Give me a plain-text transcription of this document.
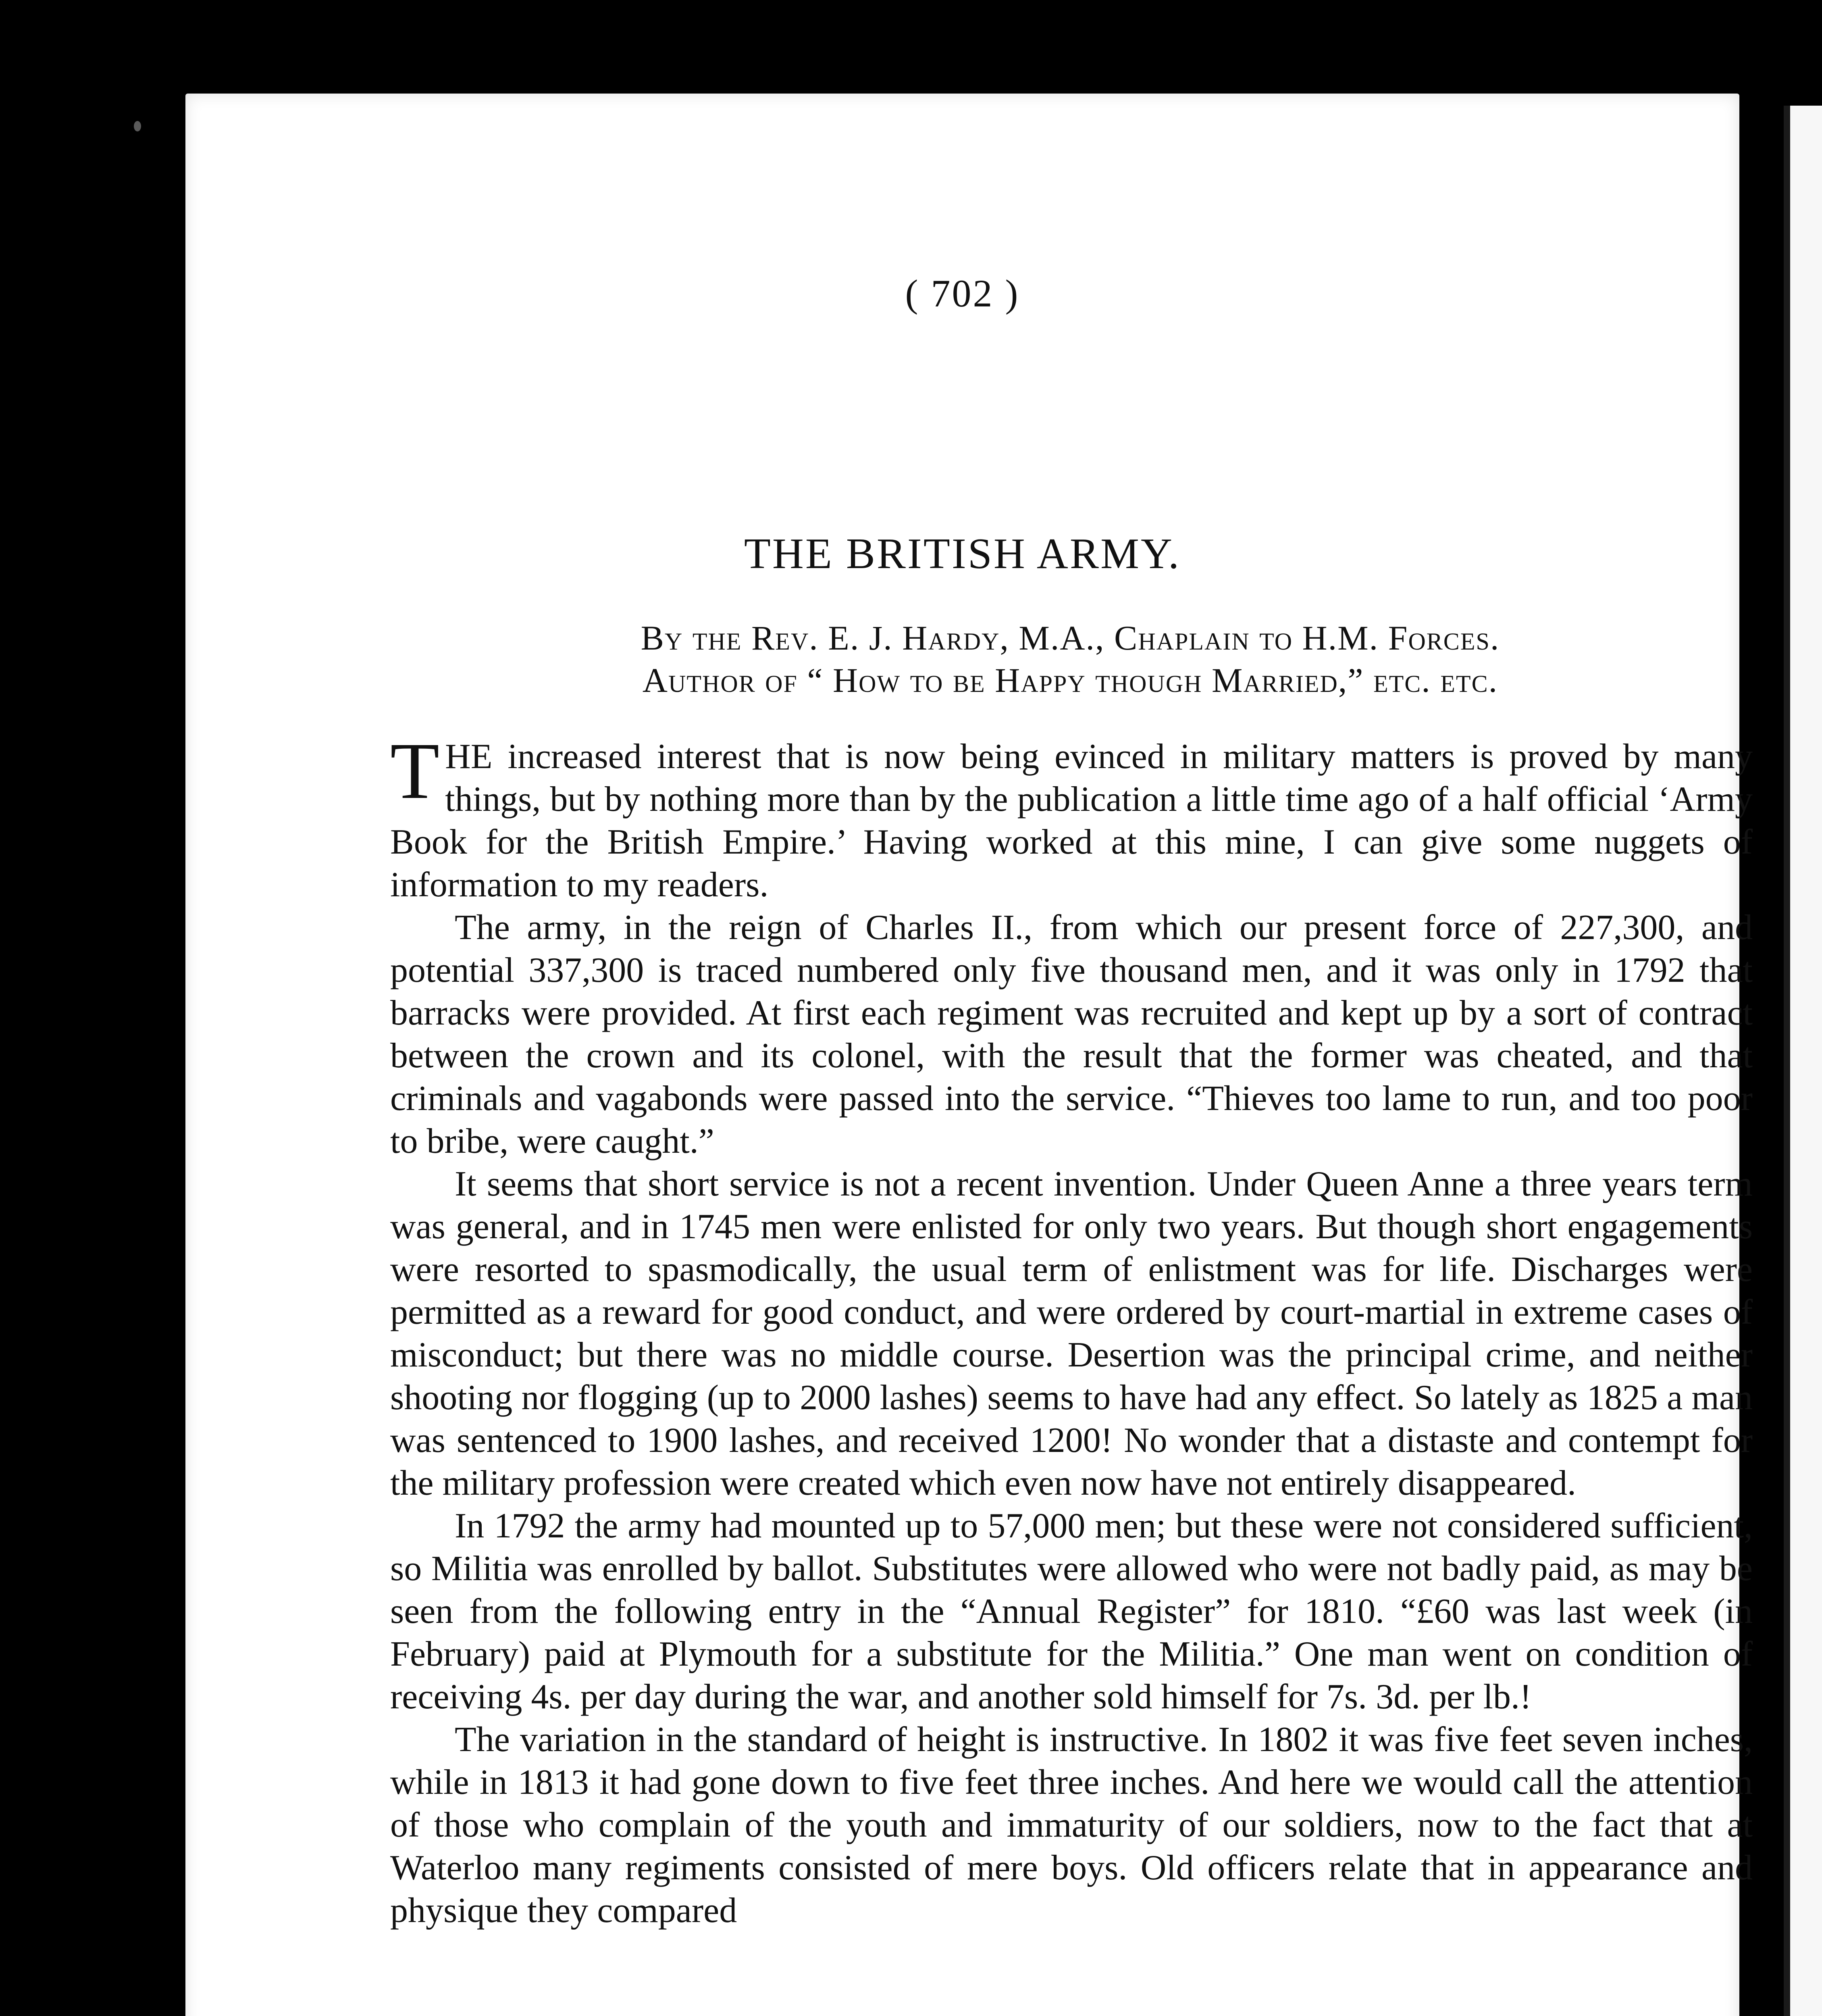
( 702 )
THE BRITISH ARMY.
By the Rev. E. J. Hardy, M.A., Chaplain to H.M. Forces.
Author of “ How to be Happy though Married,” etc. etc.

THE increased interest that is now being evinced in military matters is proved by many things, but by nothing more than by the publication a little time ago of a half official ‘Army Book for the British Empire.’ Having worked at this mine, I can give some nuggets of information to my readers.

The army, in the reign of Charles II., from which our present force of 227,300, and potential 337,300 is traced numbered only five thousand men, and it was only in 1792 that barracks were provided. At first each regiment was recruited and kept up by a sort of contract between the crown and its colonel, with the result that the former was cheated, and that criminals and vagabonds were passed into the service. “Thieves too lame to run, and too poor to bribe, were caught.”

It seems that short service is not a recent invention. Under Queen Anne a three years term was general, and in 1745 men were enlisted for only two years. But though short engagements were resorted to spasmodically, the usual term of enlistment was for life. Discharges were permitted as a reward for good conduct, and were ordered by court-martial in extreme cases of misconduct; but there was no middle course. Desertion was the principal crime, and neither shooting nor flogging (up to 2000 lashes) seems to have had any effect. So lately as 1825 a man was sentenced to 1900 lashes, and received 1200! No wonder that a distaste and contempt for the military profession were created which even now have not entirely disappeared.

In 1792 the army had mounted up to 57,000 men; but these were not considered sufficient, so Militia was enrolled by ballot. Substitutes were allowed who were not badly paid, as may be seen from the following entry in the “Annual Register” for 1810. “£60 was last week (in February) paid at Plymouth for a substitute for the Militia.” One man went on condition of receiving 4s. per day during the war, and another sold himself for 7s. 3d. per lb.!

The variation in the standard of height is instructive. In 1802 it was five feet seven inches, while in 1813 it had gone down to five feet three inches. And here we would call the attention of those who complain of the youth and immaturity of our soldiers, now to the fact that at Waterloo many regiments consisted of mere boys. Old officers relate that in appearance and physique they compared
